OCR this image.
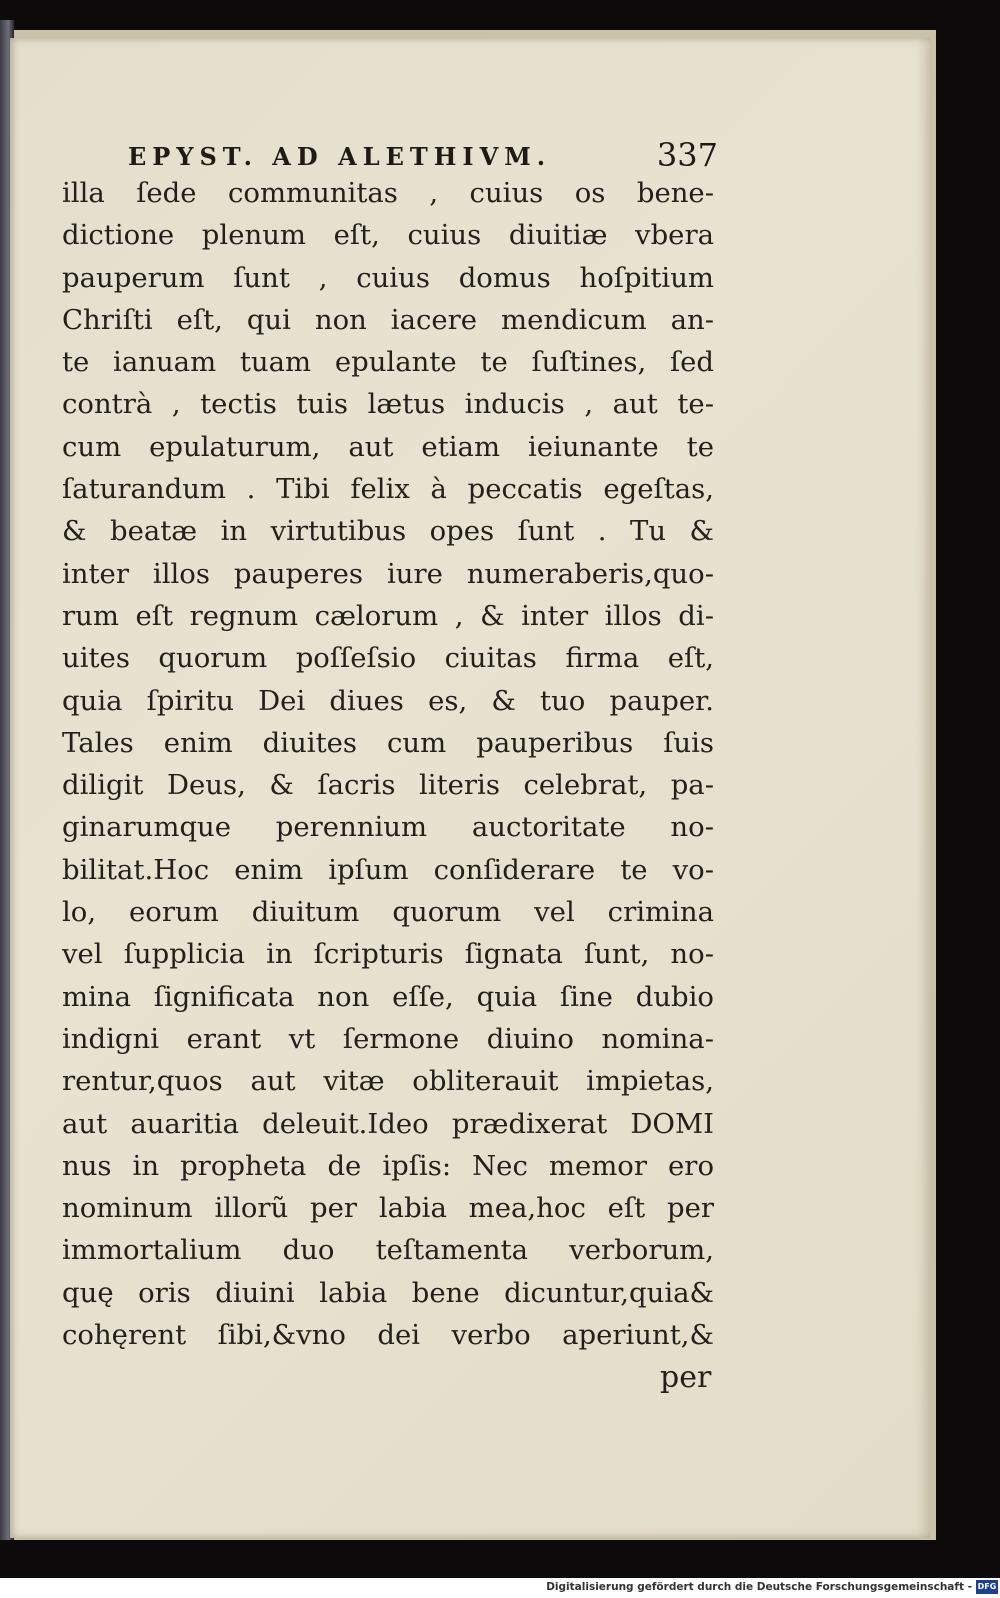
EPYST. AD ALETHIVM.	337
illa ſede communitas , cuius os bene-
dictione plenum eſt, cuius diuitiæ vbera
pauperum ſunt , cuius domus hoſpitium
Chriſti eſt, qui non iacere mendicum an-
te ianuam tuam epulante te ſuſtines, ſed
contrà , tectis tuis lætus inducis , aut te-
cum epulaturum, aut etiam ieiunante te
ſaturandum . Tibi felix à peccatis egeſtas,
& beatæ in virtutibus opes ſunt . Tu &
inter illos pauperes iure numeraberis,quo-
rum eſt regnum cælorum , & inter illos di-
uites quorum poſſeſsio ciuitas firma eſt,
quia ſpiritu Dei diues es, & tuo pauper.
Tales enim diuites cum pauperibus ſuis
diligit Deus, & ſacris literis celebrat, pa-
ginarumque perennium auctoritate no-
bilitat.Hoc enim ipſum conſiderare te vo-
lo, eorum diuitum quorum vel crimina
vel ſupplicia in ſcripturis ſignata ſunt, no-
mina ſignificata non eſſe, quia ſine dubio
indigni erant vt ſermone diuino nomina-
rentur,quos aut vitæ obliterauit impietas,
aut auaritia deleuit.Ideo prædixerat DOMI
nus in propheta de ipſis: Nec memor ero
nominum illorũ per labia mea,hoc eſt per
immortalium duo teſtamenta verborum,
quę oris diuini labia bene dicuntur,quia&
cohęrent ſibi,&vno dei verbo aperiunt,&
per
Digitalisierung gefördert durch die Deutsche Forschungsgemeinschaft - DFG
